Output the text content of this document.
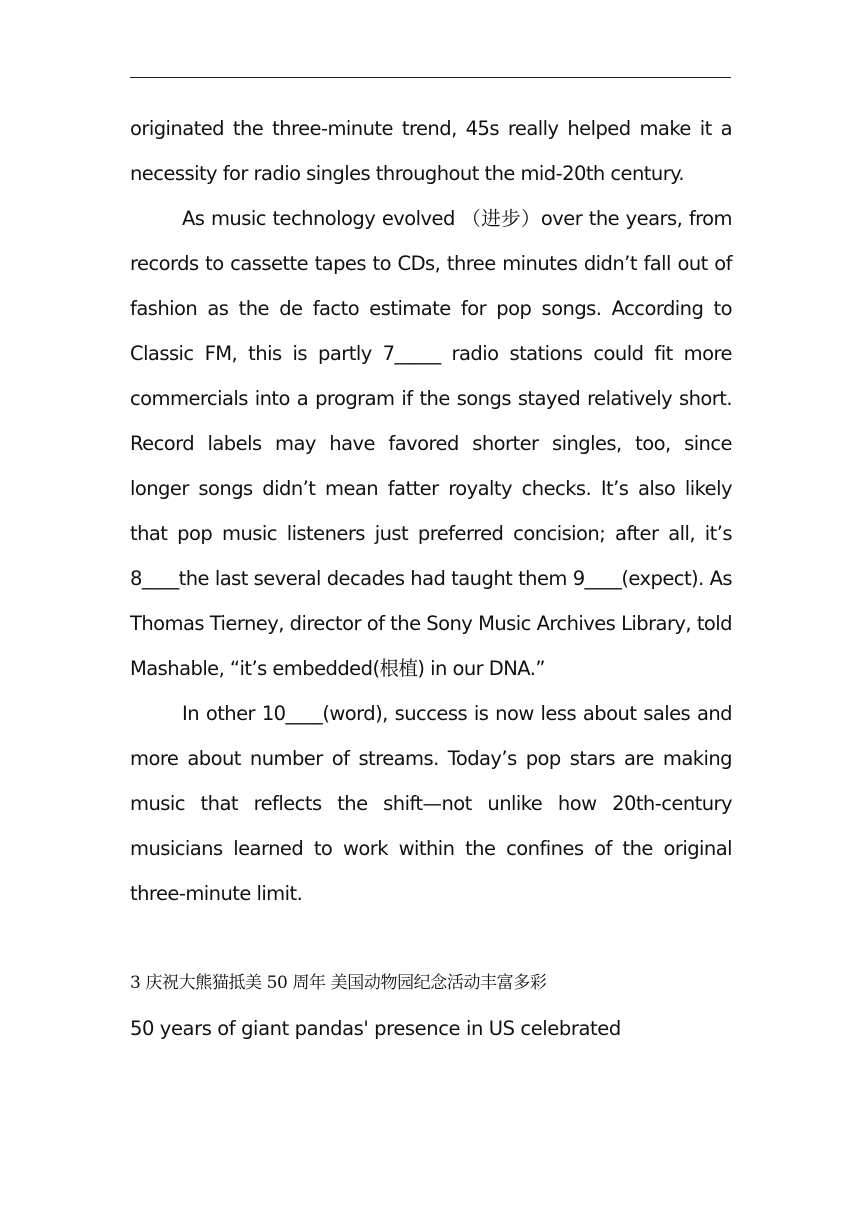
originated the three-minute trend, 45s really helped make it a necessity for radio singles throughout the mid-20th century.

As music technology evolved （进步）over the years, from records to cassette tapes to CDs, three minutes didn’t fall out of fashion as the de facto estimate for pop songs. According to Classic FM, this is partly 7_____ radio stations could fit more commercials into a program if the songs stayed relatively short. Record labels may have favored shorter singles, too, since longer songs didn’t mean fatter royalty checks. It’s also likely that pop music listeners just preferred concision; after all, it’s 8____the last several decades had taught them 9____(expect). As Thomas Tierney, director of the Sony Music Archives Library, told Mashable, “it’s embedded(根植) in our DNA.”

In other 10____(word), success is now less about sales and more about number of streams. Today’s pop stars are making music that reflects the shift—not unlike how 20th-century musicians learned to work within the confines of the original three-minute limit.

3 庆祝大熊猫抵美 50 周年 美国动物园纪念活动丰富多彩
50 years of giant pandas' presence in US celebrated
